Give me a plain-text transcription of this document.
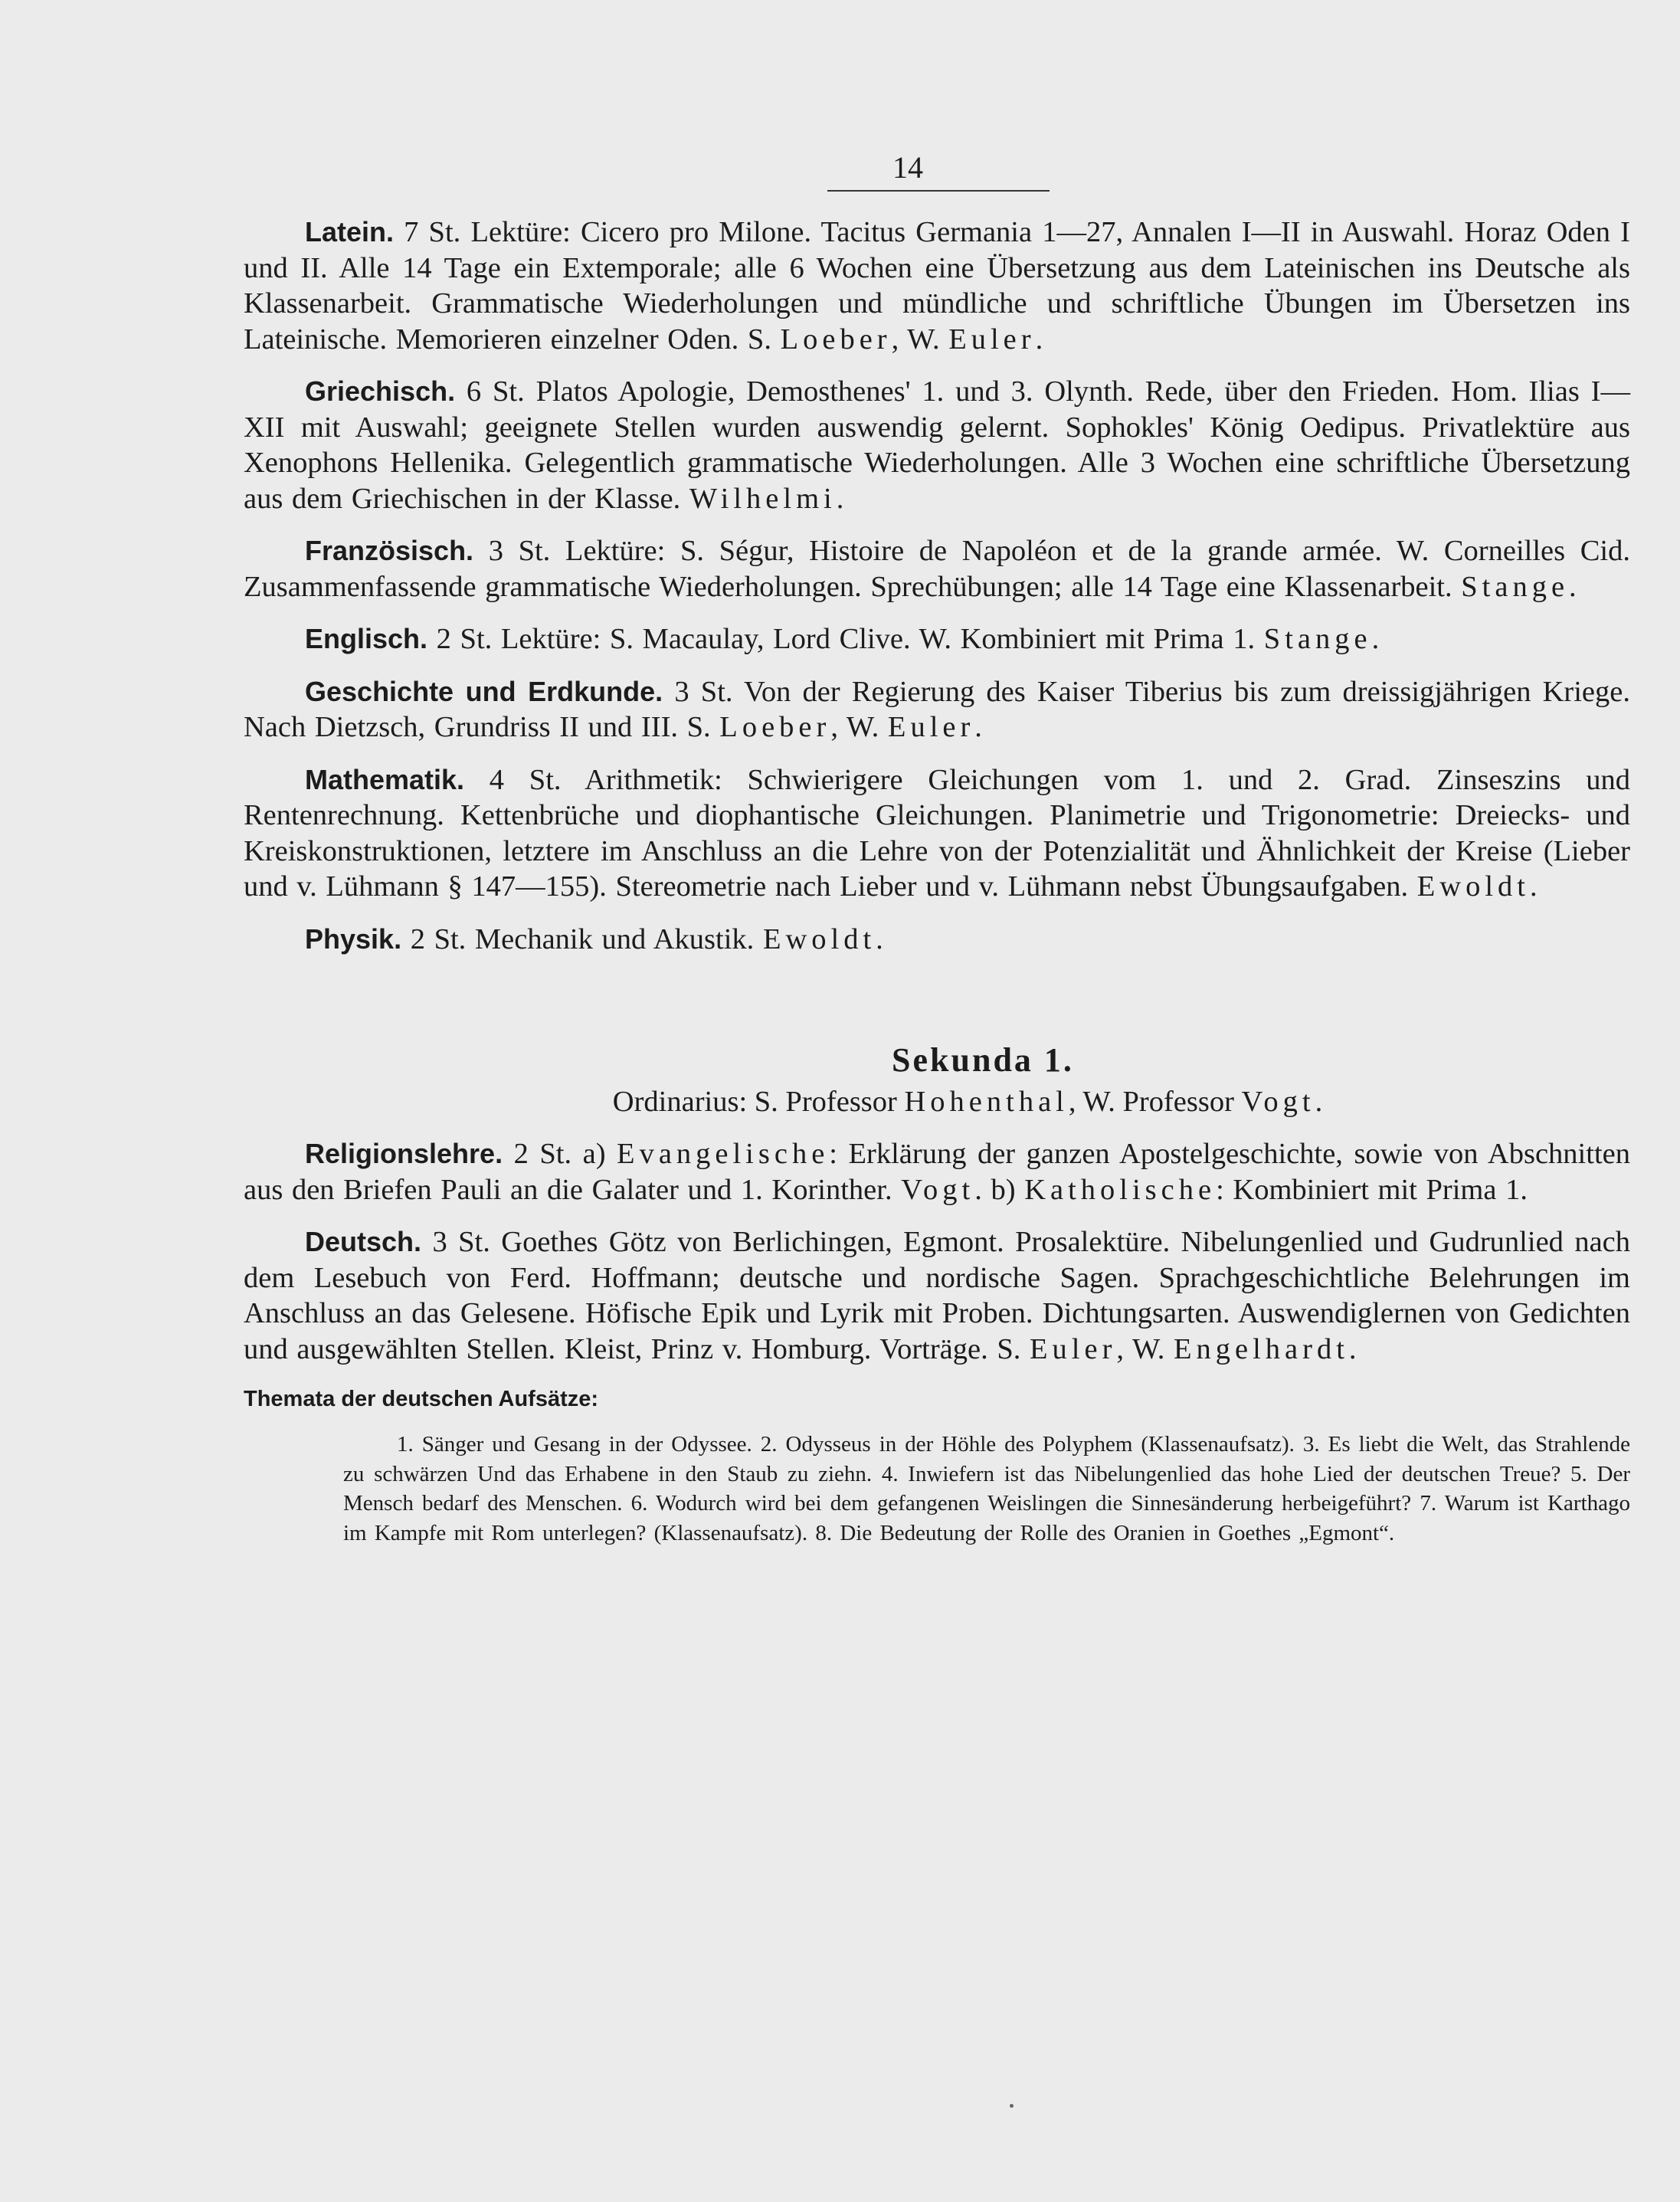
14

Latein. 7 St. Lektüre: Cicero pro Milone. Tacitus Germania 1—27, Annalen I—II in Auswahl. Horaz Oden I und II. Alle 14 Tage ein Extemporale; alle 6 Wochen eine Übersetzung aus dem Lateinischen ins Deutsche als Klassenarbeit. Grammatische Wiederholungen und mündliche und schriftliche Übungen im Übersetzen ins Lateinische. Memorieren einzelner Oden. S. Loeber, W. Euler.

Griechisch. 6 St. Platos Apologie, Demosthenes' 1. und 3. Olynth. Rede, über den Frieden. Hom. Ilias I—XII mit Auswahl; geeignete Stellen wurden auswendig gelernt. Sophokles' König Oedipus. Privatlektüre aus Xenophons Hellenika. Gelegentlich grammatische Wiederholungen. Alle 3 Wochen eine schriftliche Übersetzung aus dem Griechischen in der Klasse. Wilhelmi.

Französisch. 3 St. Lektüre: S. Ségur, Histoire de Napoléon et de la grande armée. W. Corneilles Cid. Zusammenfassende grammatische Wiederholungen. Sprechübungen; alle 14 Tage eine Klassenarbeit. Stange.

Englisch. 2 St. Lektüre: S. Macaulay, Lord Clive. W. Kombiniert mit Prima 1. Stange.

Geschichte und Erdkunde. 3 St. Von der Regierung des Kaiser Tiberius bis zum dreissigjährigen Kriege. Nach Dietzsch, Grundriss II und III. S. Loeber, W. Euler.

Mathematik. 4 St. Arithmetik: Schwierigere Gleichungen vom 1. und 2. Grad. Zinseszins und Rentenrechnung. Kettenbrüche und diophantische Gleichungen. Planimetrie und Trigonometrie: Dreiecks- und Kreiskonstruktionen, letztere im Anschluss an die Lehre von der Potenzialität und Ähnlichkeit der Kreise (Lieber und v. Lühmann § 147—155). Stereometrie nach Lieber und v. Lühmann nebst Übungsaufgaben. Ewoldt.

Physik. 2 St. Mechanik und Akustik. Ewoldt.

Sekunda 1.
Ordinarius: S. Professor Hohenthal, W. Professor Vogt.

Religionslehre. 2 St. a) Evangelische: Erklärung der ganzen Apostelgeschichte, sowie von Abschnitten aus den Briefen Pauli an die Galater und 1. Korinther. Vogt. b) Katholische: Kombiniert mit Prima 1.

Deutsch. 3 St. Goethes Götz von Berlichingen, Egmont. Prosalektüre. Nibelungenlied und Gudrunlied nach dem Lesebuch von Ferd. Hoffmann; deutsche und nordische Sagen. Sprachgeschichtliche Belehrungen im Anschluss an das Gelesene. Höfische Epik und Lyrik mit Proben. Dichtungsarten. Auswendiglernen von Gedichten und ausgewählten Stellen. Kleist, Prinz v. Homburg. Vorträge. S. Euler, W. Engelhardt.

Themata der deutschen Aufsätze:

1. Sänger und Gesang in der Odyssee. 2. Odysseus in der Höhle des Polyphem (Klassenaufsatz). 3. Es liebt die Welt, das Strahlende zu schwärzen Und das Erhabene in den Staub zu ziehn. 4. Inwiefern ist das Nibelungenlied das hohe Lied der deutschen Treue? 5. Der Mensch bedarf des Menschen. 6. Wodurch wird bei dem gefangenen Weislingen die Sinnesänderung herbeigeführt? 7. Warum ist Karthago im Kampfe mit Rom unterlegen? (Klassenaufsatz). 8. Die Bedeutung der Rolle des Oranien in Goethes „Egmont“.
